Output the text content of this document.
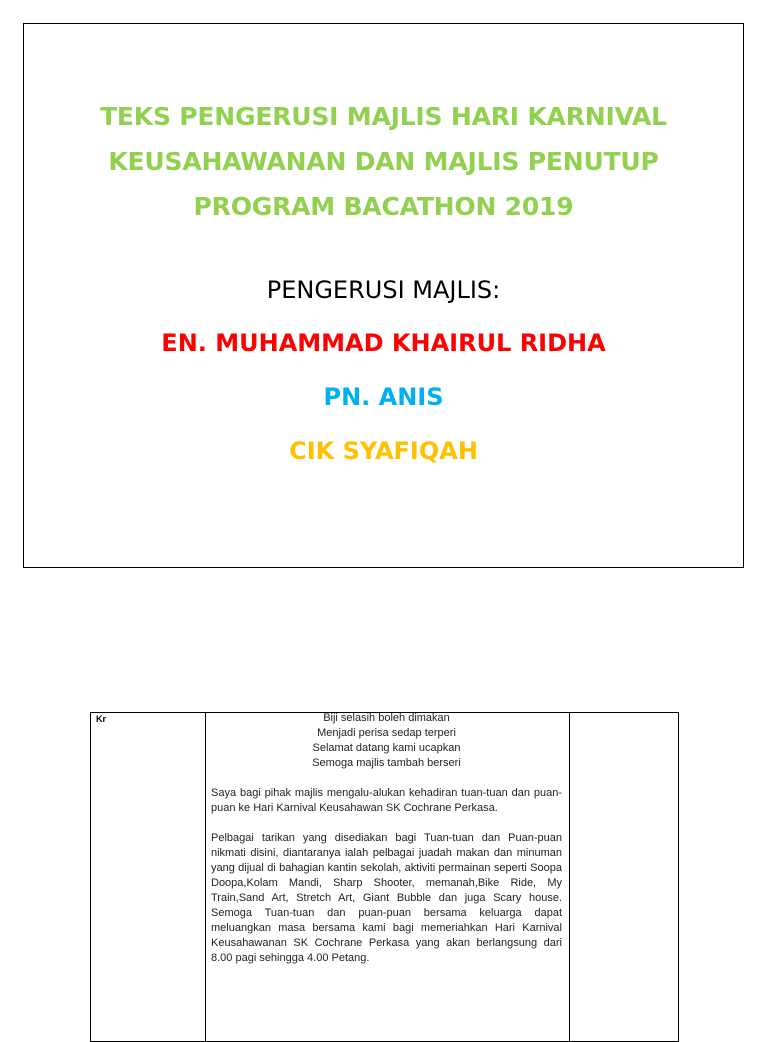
TEKS PENGERUSI MAJLIS HARI KARNIVAL
KEUSAHAWANAN DAN MAJLIS PENUTUP
PROGRAM BACATHON 2019
PENGERUSI MAJLIS:
EN. MUHAMMAD KHAIRUL RIDHA
PN. ANIS
CIK SYAFIQAH
Kr	Biji selasih boleh dimakan
Menjadi perisa sedap terperi
Selamat datang kami ucapkan
Semoga majlis tambah berseri
Saya bagi pihak majlis mengalu-alukan kehadiran tuan-tuan dan puan-puan ke Hari Karnival Keusahawan SK Cochrane Perkasa.
Pelbagai tarikan yang disediakan bagi Tuan-tuan dan Puan-puan nikmati disini, diantaranya ialah pelbagai juadah makan dan minuman yang dijual di bahagian kantin sekolah, aktiviti permainan seperti Soopa Doopa,Kolam Mandi, Sharp Shooter, memanah,Bike Ride, My Train,Sand Art, Stretch Art, Giant Bubble dan juga Scary house. Semoga Tuan-tuan dan puan-puan bersama keluarga dapat meluangkan masa bersama kami bagi memeriahkan Hari Karnival Keusahawanan SK Cochrane Perkasa yang akan berlangsung dari 8.00 pagi sehingga 4.00 Petang.
